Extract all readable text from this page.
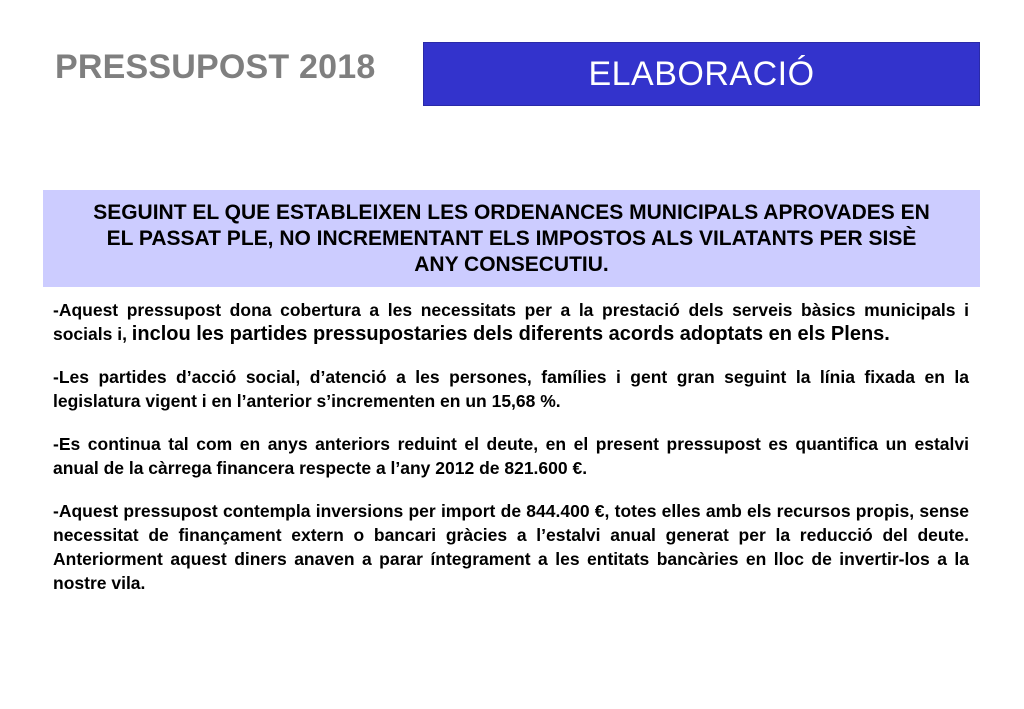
PRESSUPOST 2018	ELABORACIÓ
SEGUINT EL QUE ESTABLEIXEN LES ORDENANCES MUNICIPALS APROVADES EN EL PASSAT PLE, NO INCREMENTANT ELS IMPOSTOS ALS VILATANTS PER SISÈ ANY CONSECUTIU.

-Aquest pressupost dona cobertura a les necessitats per a la prestació dels serveis bàsics municipals i socials i, inclou les partides pressupostaries dels diferents acords adoptats en els Plens.

-Les partides d’acció social, d’atenció a les persones, famílies i gent gran seguint la línia fixada en la legislatura vigent i en l’anterior s’incrementen en un 15,68 %.

-Es continua tal com en anys anteriors reduint el deute, en el present pressupost es quantifica un estalvi anual de la càrrega financera respecte a l’any 2012 de 821.600 €.

-Aquest pressupost contempla inversions per import de 844.400 €, totes elles amb els recursos propis, sense necessitat de finançament extern o bancari gràcies a l’estalvi anual generat per la reducció del deute. Anteriorment aquest diners anaven a parar íntegrament a les entitats bancàries en lloc de invertir-los a la nostre vila.
